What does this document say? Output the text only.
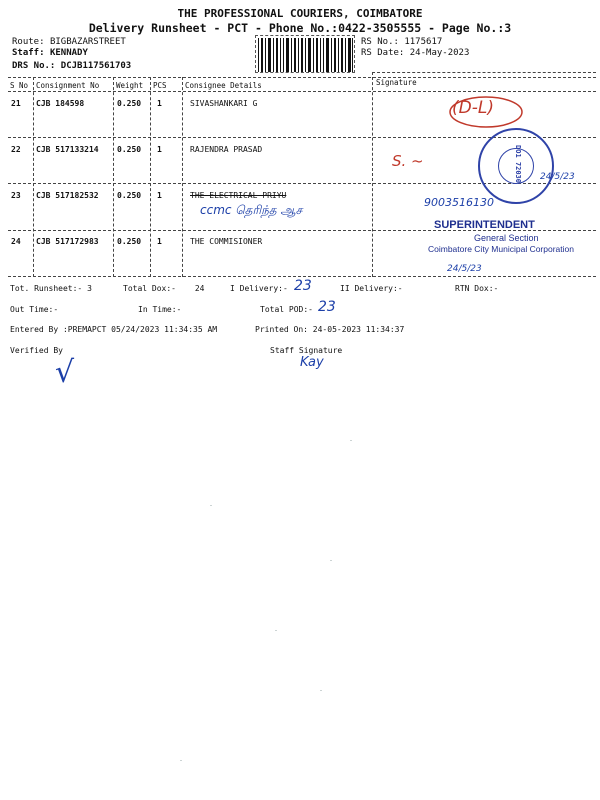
THE PROFESSIONAL COURIERS, COIMBATORE
Delivery Runsheet - PCT - Phone No.:0422-3505555 - Page No.:3
Route: BIGBAZARSTREET
Staff: KENNADY
DRS No.: DCJB117561703
RS No.: 1175617
RS Date: 24-May-2023
S No Consignment No Weight PCS Consignee Details	Signature
21 CJB 184598	0.250 1	SIVASHANKARI G
22 CJB 517133214 0.250 1	RAJENDRA PRASAD
23 CJB 517182532 0.250 1	THE ELECTRICAL PRIYU
24 CJB 517172983 0.250 1	THE COMMISIONER
(D-L)
S. ~	DO1 72030
ccmc தெரிந்த ஆச
9003516130
24/5/23
SUPERINTENDENT
General Section
Coimbatore City Municipal Corporation
24/5/23
Tot. Runsheet:- 3	Total Dox:- 24	I Delivery:- 23	II Delivery:-	RTN Dox:-
Out Time:-	In Time:-	Total POD:- 23
Entered By :PREMAPCT 05/24/2023 11:34:35 AM	Printed On: 24-05-2023 11:34:37
Verified By
√
Staff Signature
Kay
